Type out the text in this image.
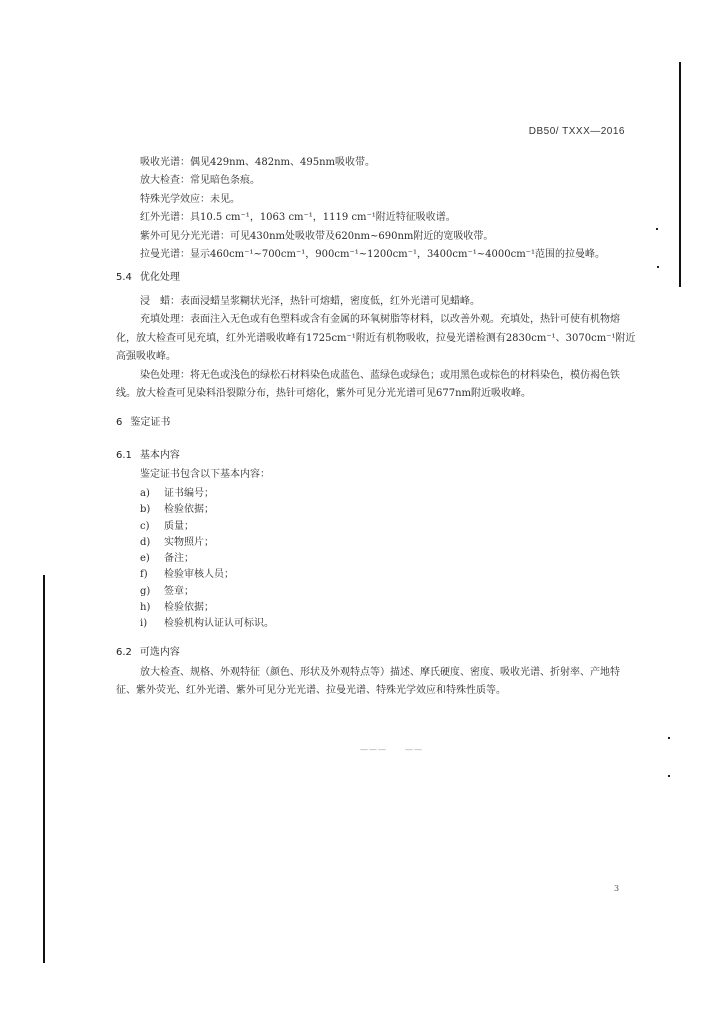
DB50/ TXXX—2016

吸收光谱：偶见429nm、482nm、495nm吸收带。

放大检查：常见暗色条痕。

特殊光学效应：未见。

红外光谱：具10.5 cm⁻¹，1063 cm⁻¹，1119 cm⁻¹附近特征吸收谱。

紫外可见分光光谱：可见430nm处吸收带及620nm~690nm附近的宽吸收带。

拉曼光谱：显示460cm⁻¹~700cm⁻¹，900cm⁻¹~1200cm⁻¹，3400cm⁻¹~4000cm⁻¹范围的拉曼峰。

5.4 优化处理

浸　蜡：表面浸蜡呈浆糊状光泽，热针可熔蜡，密度低，红外光谱可见蜡峰。

充填处理：表面注入无色或有色塑料或含有金属的环氧树脂等材料，以改善外观。充填处，热针可使有机物熔化，放大检查可见充填，红外光谱吸收峰有1725cm⁻¹附近有机物吸收，拉曼光谱检测有2830cm⁻¹、3070cm⁻¹附近高强吸收峰。

染色处理：将无色或浅色的绿松石材料染色成蓝色、蓝绿色或绿色；或用黑色或棕色的材料染色，模仿褐色铁线。放大检查可见染料沿裂隙分布，热针可熔化，紫外可见分光光谱可见677nm附近吸收峰。

6 鉴定证书
6.1 基本内容

鉴定证书包含以下基本内容：

a) 证书编号；

b) 检验依据；

c) 质量；

d) 实物照片；

e) 备注；

f) 检验审核人员；

g) 签章；

h) 检验依据；

i) 检验机构认证认可标识。

6.2 可选内容

放大检查、规格、外观特征（颜色、形状及外观特点等）描述、摩氏硬度、密度、吸收光谱、折射率、产地特征、紫外荧光、红外光谱、紫外可见分光光谱、拉曼光谱、特殊光学效应和特殊性质等。

———　　——
3
